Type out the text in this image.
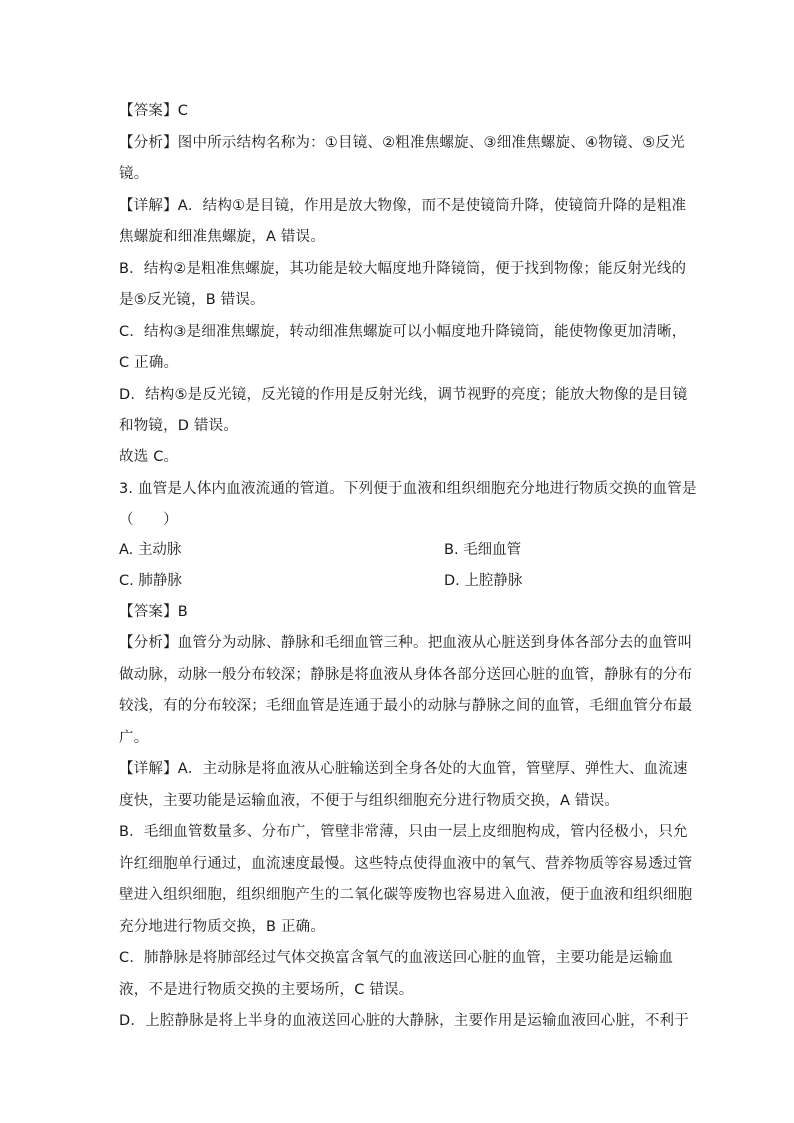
【答案】C
【分析】图中所示结构名称为：①目镜、②粗准焦螺旋、③细准焦螺旋、④物镜、⑤反光
镜。
【详解】A．结构①是目镜，作用是放大物像，而不是使镜筒升降，使镜筒升降的是粗准
焦螺旋和细准焦螺旋，A 错误。
B．结构②是粗准焦螺旋，其功能是较大幅度地升降镜筒，便于找到物像；能反射光线的
是⑤反光镜，B 错误。
C．结构③是细准焦螺旋，转动细准焦螺旋可以小幅度地升降镜筒，能使物像更加清晰，
C 正确。
D．结构⑤是反光镜，反光镜的作用是反射光线，调节视野的亮度；能放大物像的是目镜
和物镜，D 错误。
故选 C。
3. 血管是人体内血液流通的管道。下列便于血液和组织细胞充分地进行物质交换的血管是
（　　）
A. 主动脉	B. 毛细血管
C. 肺静脉	D. 上腔静脉
【答案】B
【分析】血管分为动脉、静脉和毛细血管三种。把血液从心脏送到身体各部分去的血管叫
做动脉，动脉一般分布较深；静脉是将血液从身体各部分送回心脏的血管，静脉有的分布
较浅，有的分布较深；毛细血管是连通于最小的动脉与静脉之间的血管，毛细血管分布最
广。
【详解】A．主动脉是将血液从心脏输送到全身各处的大血管，管壁厚、弹性大、血流速
度快，主要功能是运输血液，不便于与组织细胞充分进行物质交换，A 错误。
B．毛细血管数量多、分布广，管壁非常薄，只由一层上皮细胞构成，管内径极小，只允
许红细胞单行通过，血流速度最慢。这些特点使得血液中的氧气、营养物质等容易透过管
壁进入组织细胞，组织细胞产生的二氧化碳等废物也容易进入血液，便于血液和组织细胞
充分地进行物质交换，B 正确。
C．肺静脉是将肺部经过气体交换富含氧气的血液送回心脏的血管，主要功能是运输血
液，不是进行物质交换的主要场所，C 错误。
D．上腔静脉是将上半身的血液送回心脏的大静脉，主要作用是运输血液回心脏，不利于
